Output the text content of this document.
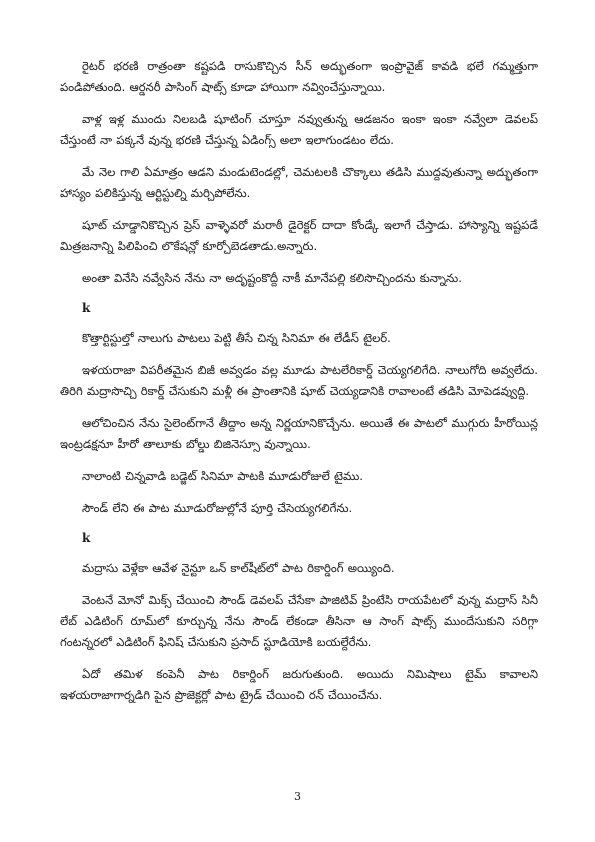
రైటర్ భరణి రాత్రంతా కష్టపడి రాసుకొచ్చిన సీన్ అద్భుతంగా ఇంప్రొవైజ్ కావడి భలే గమ్మత్తుగా పండిపోతుంది. ఆర్డనరీ పాసింగ్ షాట్స్ కూడా హాయిగా నవ్వించేస్తున్నాయి.

వాళ్ల ఇళ్ల ముందు నిలబడి షూటింగ్ చూస్తూ నవ్వుతున్న ఆడజనం ఇంకా ఇంకా నవ్వేలా డెవలప్ చేస్తుంటే నా పక్కనే వున్న భరణి చేస్తున్న ఏడింగ్స్ అలా ఇలాగుండటం లేదు.

మే నెల గాలి ఏమాత్రం ఆడని మండుటెండల్లో, చెమటలకి చొక్కాలు తడిసి ముద్దవుతున్నా అద్భుతంగా హాస్యం పలికిస్తున్న ఆర్టిస్టుల్ని మర్చిపోలేను.

షూట్ చూడ్డానికొచ్చిన ప్రెస్ వాళ్ళెవరో మరాఠీ డైరెక్టర్ దాదా కోండ్కే ఇలాగే చేస్తాడు. హాస్యాన్ని ఇష్టపడే మిత్రజనాన్ని పిలిపించి లొకేషన్లో కూర్చోబెడతాడు.అన్నారు.

అంతా వినేసి నవ్వేసిన నేను నా అదృష్టంకొద్దీ నాకీ మానేపల్లి కలిసొచ్చిందను కున్నాను.

k

కొత్తార్టిస్టుల్తో నాలుగు పాటలు పెట్టి తీసే చిన్న సినిమా ఈ లేడీస్ టైలర్.

ఇళయరాజా విపరీతమైన బిజీ అవ్వడం వల్ల మూడు పాటలేరికార్డ్ చెయ్యగలిగేది. నాలుగోది అవ్వలేదు. తిరిగి మద్రాసొచ్చి రికార్డ్ చేసుకుని మళ్లీ ఈ ప్రాంతానికి షూట్ చెయ్యడానికి రావాలంటే తడిసి మోపెడవ్వుద్ది.

ఆలోచించిన నేను సైలెంట్‌గానే తీద్దాం అన్న నిర్ణయానికొచ్చేను. అయితే ఈ పాటలో ముగ్గురు హీరోయిన్ల ఇంట్రడక్షనూ హీరో తాలూకు బోల్డు బిజినెస్సూ వున్నాయి.

నాలాంటి చిన్నవాడి బడ్జెట్ సినిమా పాటకి మూడురోజులే టైము.

సౌండ్ లేని ఈ పాట మూడురోజుల్లోనే పూర్తి చేసెయ్యగలిగేను.

k

మద్రాసు వెళ్లేకా ఆవేళ నైన్టూ ఒన్ కాల్‌షీట్‌లో పాట రికార్డింగ్ అయ్యింది.

వెంటనే మోనో మిక్స్ చేయించి సౌండ్ డెవలప్ చేసేకా పాజిటివ్ ప్రింటేసి రాయపేటలో వున్న మద్రాస్ సినీ లేబ్ ఎడిటింగ్ రూమ్‌లో కూర్చున్న నేను సౌండ్ లేకండా తీసినా ఆ సాంగ్ షాట్స్ ముందేసుకుని సరిగ్గా గంటన్నరలో ఎడిటింగ్ ఫినిష్ చేసుకుని ప్రసాద్ స్టూడియోకి బయల్దేరేను.

ఏదో తమిళ కంపెనీ పాట రికార్డింగ్ జరుగుతుంది. అయిదు నిమిషాలు టైమ్ కావాలని ఇళయరాజాగార్నడిగి పైన ప్రొజెక్టర్లో పాట ట్రైడ్ చేయించి రన్ చేయించేను.

3
